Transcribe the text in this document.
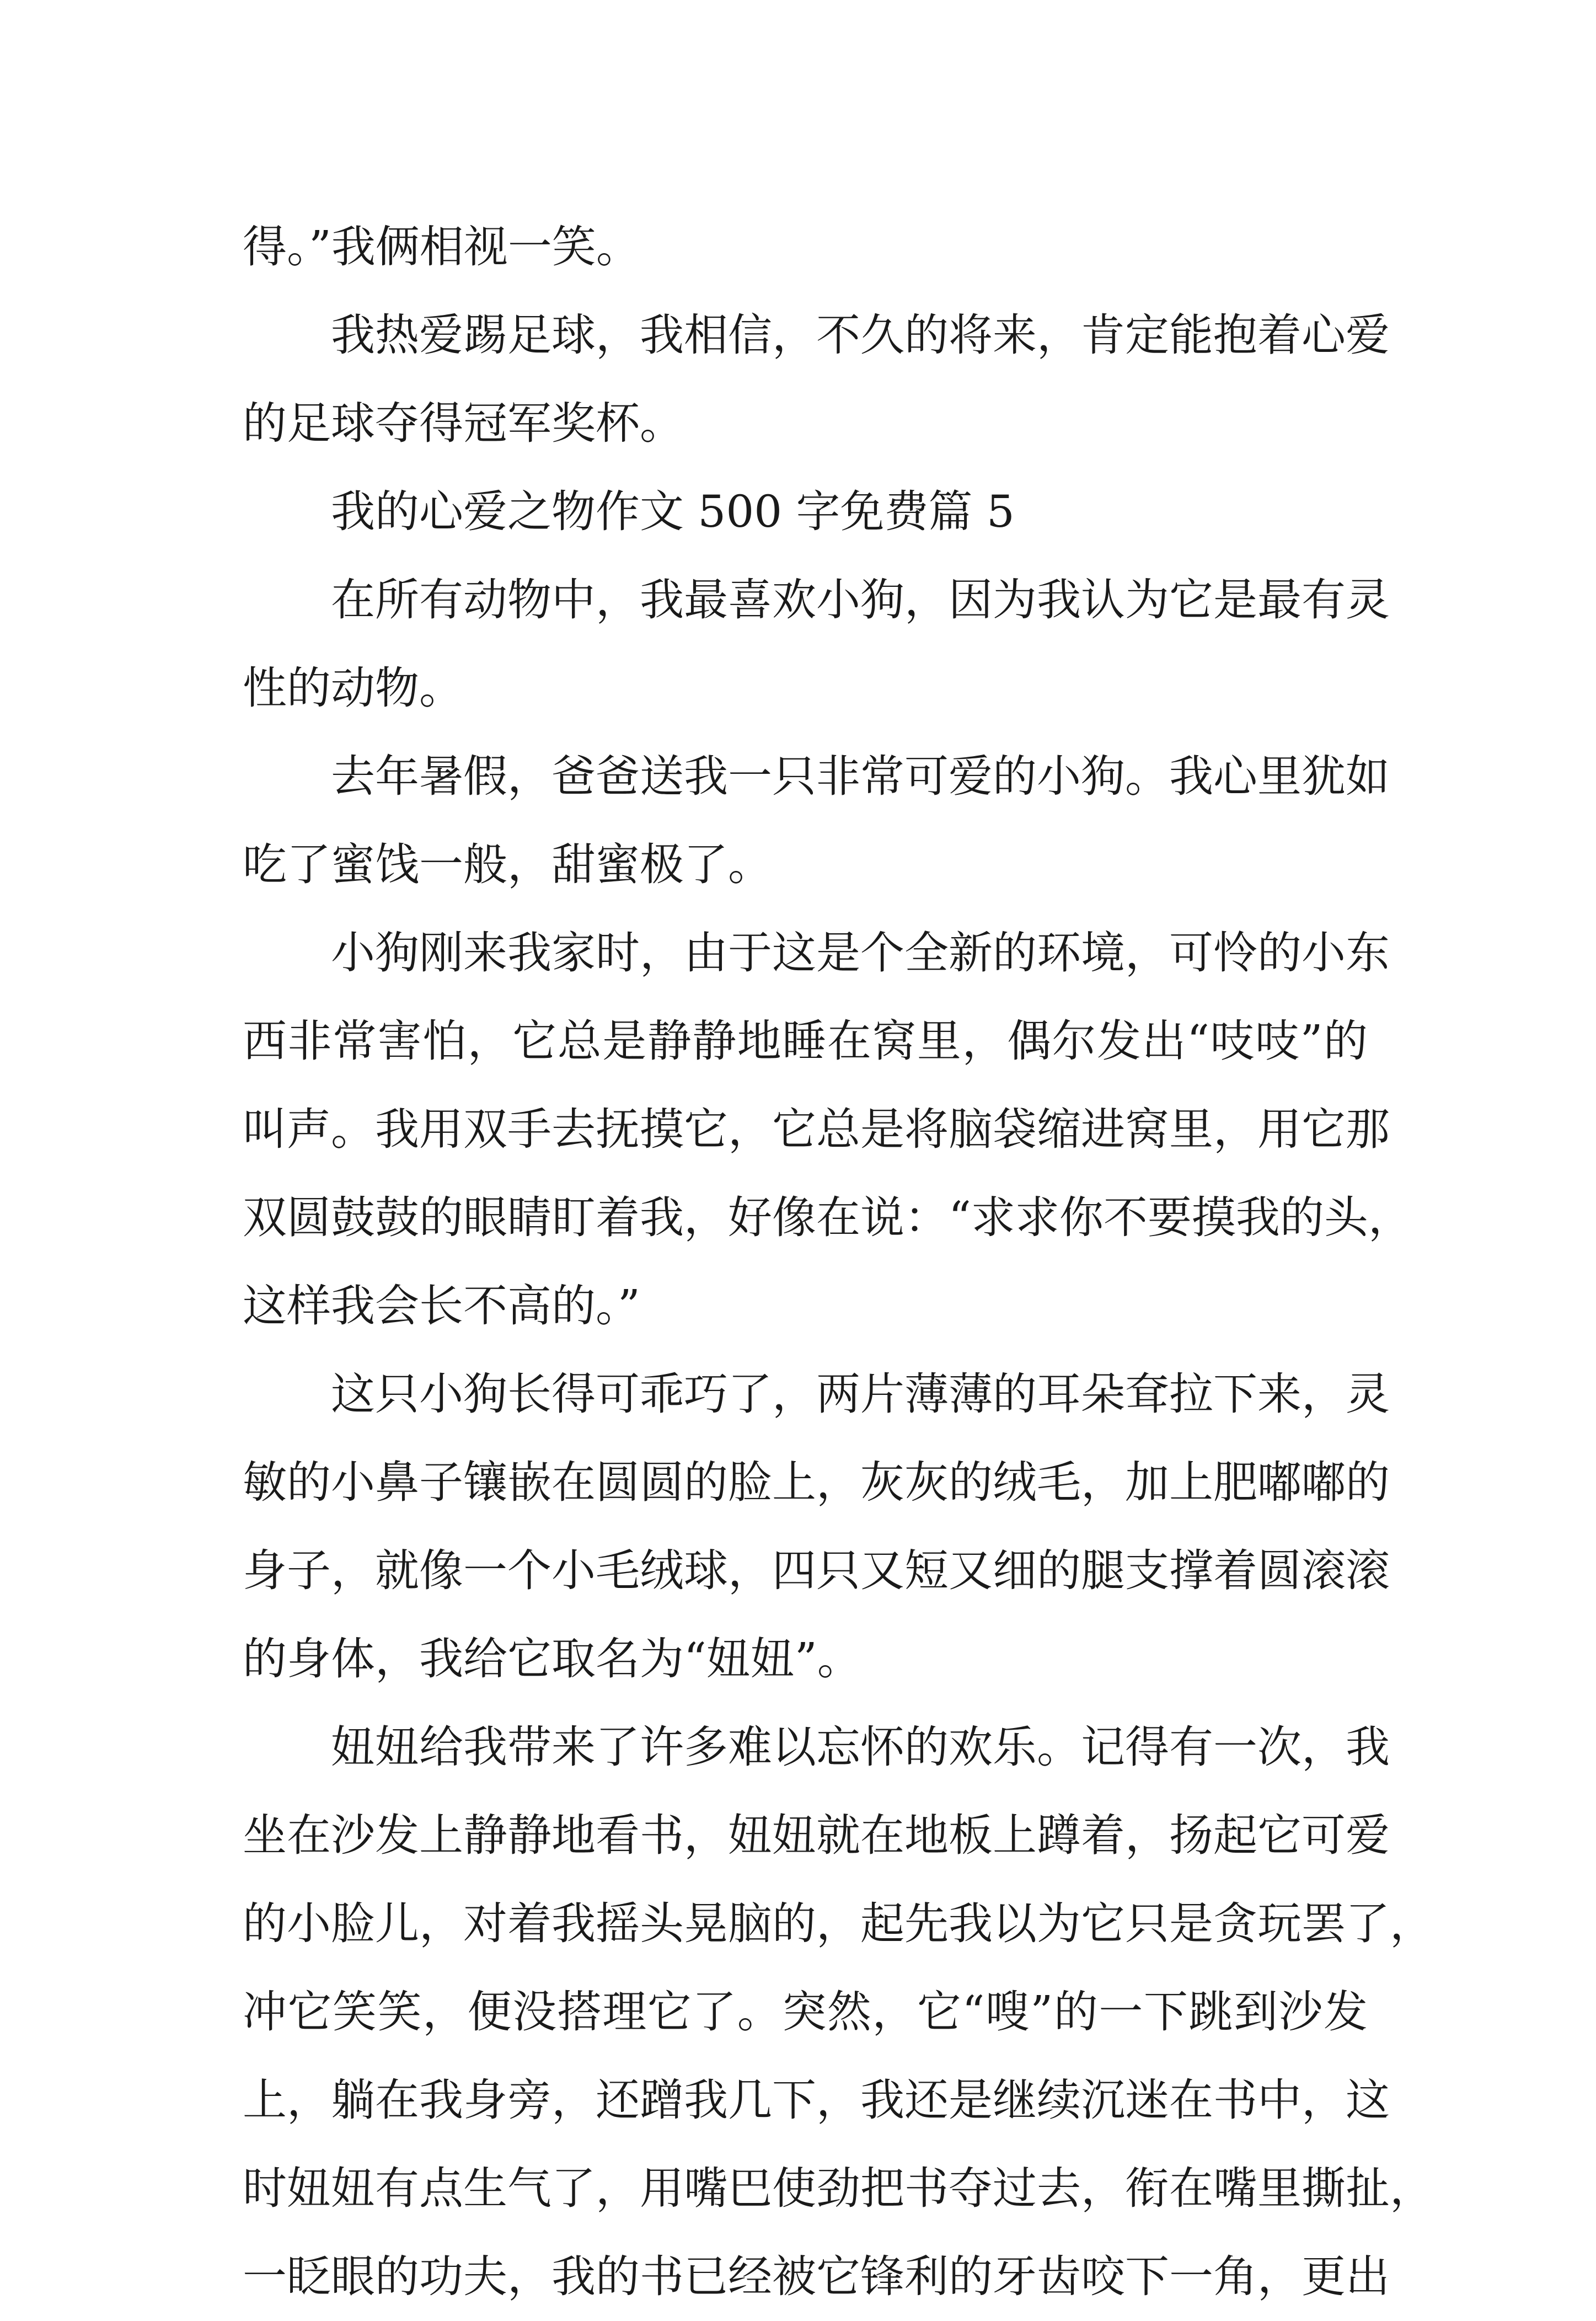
得。”我俩相视一笑。
我热爱踢足球，我相信，不久的将来，肯定能抱着心爱
的足球夺得冠军奖杯。
我的心爱之物作文 500 字免费篇 5
在所有动物中，我最喜欢小狗，因为我认为它是最有灵
性的动物。
去年暑假，爸爸送我一只非常可爱的小狗。我心里犹如
吃了蜜饯一般，甜蜜极了。
小狗刚来我家时，由于这是个全新的环境，可怜的小东
西非常害怕，它总是静静地睡在窝里，偶尔发出“吱吱”的
叫声。我用双手去抚摸它，它总是将脑袋缩进窝里，用它那
双圆鼓鼓的眼睛盯着我，好像在说：“求求你不要摸我的头，
这样我会长不高的。”
这只小狗长得可乖巧了，两片薄薄的耳朵耷拉下来，灵
敏的小鼻子镶嵌在圆圆的脸上，灰灰的绒毛，加上肥嘟嘟的
身子，就像一个小毛绒球，四只又短又细的腿支撑着圆滚滚
的身体，我给它取名为“妞妞”。
妞妞给我带来了许多难以忘怀的欢乐。记得有一次，我
坐在沙发上静静地看书，妞妞就在地板上蹲着，扬起它可爱
的小脸儿，对着我摇头晃脑的，起先我以为它只是贪玩罢了，
冲它笑笑，便没搭理它了。突然，它“嗖”的一下跳到沙发
上，躺在我身旁，还蹭我几下，我还是继续沉迷在书中，这
时妞妞有点生气了，用嘴巴使劲把书夺过去，衔在嘴里撕扯，
一眨眼的功夫，我的书已经被它锋利的牙齿咬下一角，更出
